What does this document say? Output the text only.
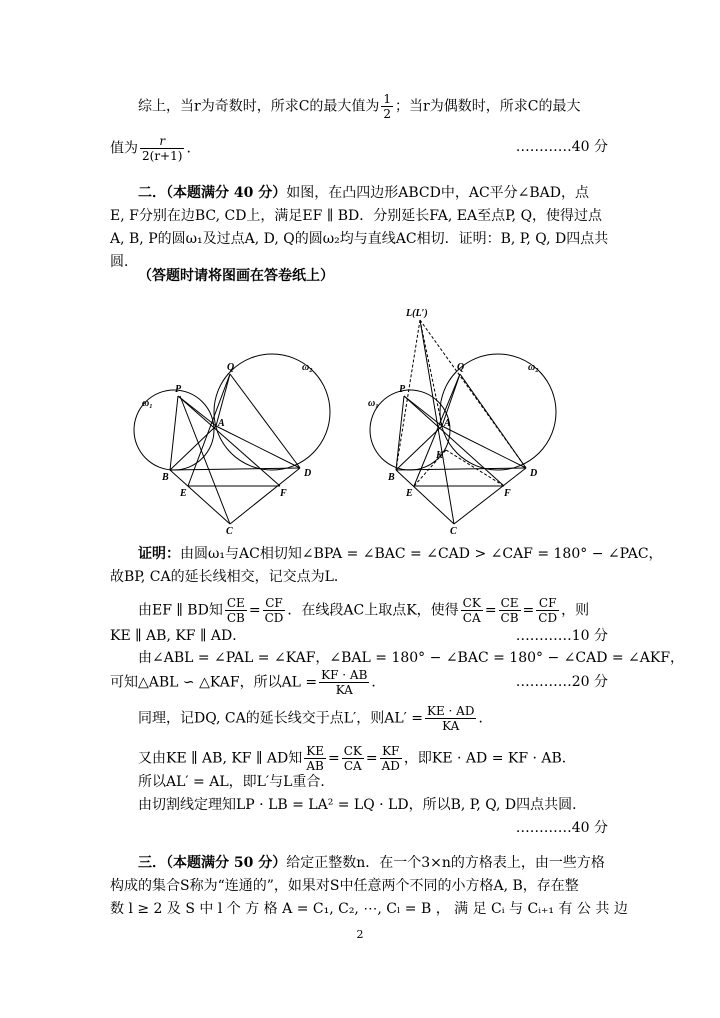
综上，当r为奇数时，所求C的最大值为 $\frac{1}{2}$ ；当r为偶数时，所求C的最大
值为 $\frac{r}{2(r+1)}$ .	…………40 分
二．（本题满分 40 分）如图，在凸四边形ABCD中，AC平分∠BAD，点
E, F分别在边BC, CD上，满足EF ∥ BD．分别延长FA, EA至点P, Q，使得过点
A, B, P的圆ω₁及过点A, D, Q的圆ω₂均与直线AC相切．证明：B, P, Q, D四点共
圆．
（答题时请将图画在答卷纸上）
Q	ω₂
P
ω₁
A
B	D
E	F
C
L(L′)
Q	ω₂
P
ω₁
A
K
B	D
E	F
C
证明：由圆ω₁与AC相切知∠BPA = ∠BAC = ∠CAD > ∠CAF = 180° − ∠PAC，
故BP, CA的延长线相交，记交点为L．
由EF ∥ BD知 $\frac{CE}{CB} = \frac{CF}{CD}$ ．在线段AC上取点K，使得 $\frac{CK}{CA} = \frac{CE}{CB} = \frac{CF}{CD}$ ，则
KE ∥ AB, KF ∥ AD．	…………10 分
由∠ABL = ∠PAL = ∠KAF，∠BAL = 180° − ∠BAC = 180° − ∠CAD = ∠AKF，
可知△ABL ∽ △KAF，所以AL = $\frac{KF \cdot AB}{KA}$ ．	…………20 分
同理，记DQ, CA的延长线交于点L′，则$AL' = \frac{KE \cdot AD}{KA}$ ．
又由KE ∥ AB, KF ∥ AD知 $\frac{KE}{AB} = \frac{CK}{CA} = \frac{KF}{AD}$ ，即KE · AD = KF · AB．
所以AL′ = AL，即L′与L重合．
由切割线定理知LP · LB = LA² = LQ · LD，所以B, P, Q, D四点共圆．
…………40 分
三．（本题满分 50 分）给定正整数n．在一个3×n的方格表上，由一些方格
构成的集合S称为“连通的”，如果对S中任意两个不同的小方格A, B，存在整
数 l ≥ 2 及 S 中 l 个 方 格 A = C₁, C₂, ⋯, Cₗ = B ， 满 足 Cᵢ 与 Cᵢ₊₁ 有 公 共 边
2
